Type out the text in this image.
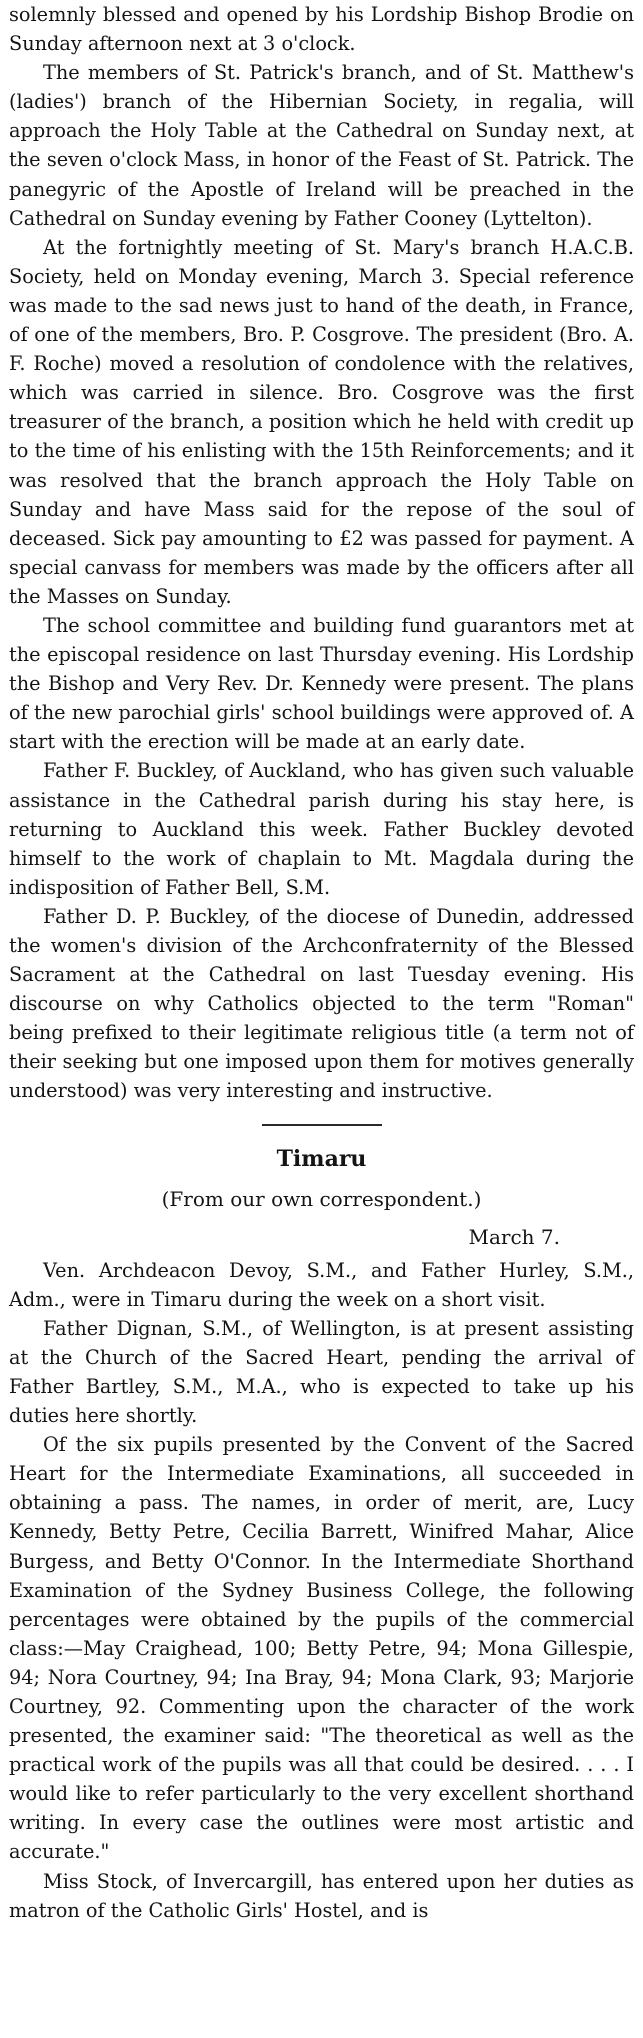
solemnly blessed and opened by his Lordship Bishop Brodie on Sunday afternoon next at 3 o'clock.

The members of St. Patrick's branch, and of St. Matthew's (ladies') branch of the Hibernian Society, in regalia, will approach the Holy Table at the Cathedral on Sunday next, at the seven o'clock Mass, in honor of the Feast of St. Patrick. The panegyric of the Apostle of Ireland will be preached in the Cathedral on Sunday evening by Father Cooney (Lyttelton).

At the fortnightly meeting of St. Mary's branch H.A.C.B. Society, held on Monday evening, March 3. Special reference was made to the sad news just to hand of the death, in France, of one of the members, Bro. P. Cosgrove. The president (Bro. A. F. Roche) moved a resolution of condolence with the relatives, which was carried in silence. Bro. Cosgrove was the first treasurer of the branch, a position which he held with credit up to the time of his enlisting with the 15th Reinforcements; and it was resolved that the branch approach the Holy Table on Sunday and have Mass said for the repose of the soul of deceased. Sick pay amounting to £2 was passed for payment. A special canvass for members was made by the officers after all the Masses on Sunday.

The school committee and building fund guarantors met at the episcopal residence on last Thursday evening. His Lordship the Bishop and Very Rev. Dr. Kennedy were present. The plans of the new parochial girls' school buildings were approved of. A start with the erection will be made at an early date.

Father F. Buckley, of Auckland, who has given such valuable assistance in the Cathedral parish during his stay here, is returning to Auckland this week. Father Buckley devoted himself to the work of chaplain to Mt. Magdala during the indisposition of Father Bell, S.M.

Father D. P. Buckley, of the diocese of Dunedin, addressed the women's division of the Archconfraternity of the Blessed Sacrament at the Cathedral on last Tuesday evening. His discourse on why Catholics objected to the term "Roman" being prefixed to their legitimate religious title (a term not of their seeking but one imposed upon them for motives generally understood) was very interesting and instructive.

Timaru
(From our own correspondent.)
March 7.

Ven. Archdeacon Devoy, S.M., and Father Hurley, S.M., Adm., were in Timaru during the week on a short visit.

Father Dignan, S.M., of Wellington, is at present assisting at the Church of the Sacred Heart, pending the arrival of Father Bartley, S.M., M.A., who is expected to take up his duties here shortly.

Of the six pupils presented by the Convent of the Sacred Heart for the Intermediate Examinations, all succeeded in obtaining a pass. The names, in order of merit, are, Lucy Kennedy, Betty Petre, Cecilia Barrett, Winifred Mahar, Alice Burgess, and Betty O'Connor. In the Intermediate Shorthand Examination of the Sydney Business College, the following percentages were obtained by the pupils of the commercial class:—May Craighead, 100; Betty Petre, 94; Mona Gillespie, 94; Nora Courtney, 94; Ina Bray, 94; Mona Clark, 93; Marjorie Courtney, 92. Commenting upon the character of the work presented, the examiner said: "The theoretical as well as the practical work of the pupils was all that could be desired. . . . I would like to refer particularly to the very excellent shorthand writing. In every case the outlines were most artistic and accurate."

Miss Stock, of Invercargill, has entered upon her duties as matron of the Catholic Girls' Hostel, and is
